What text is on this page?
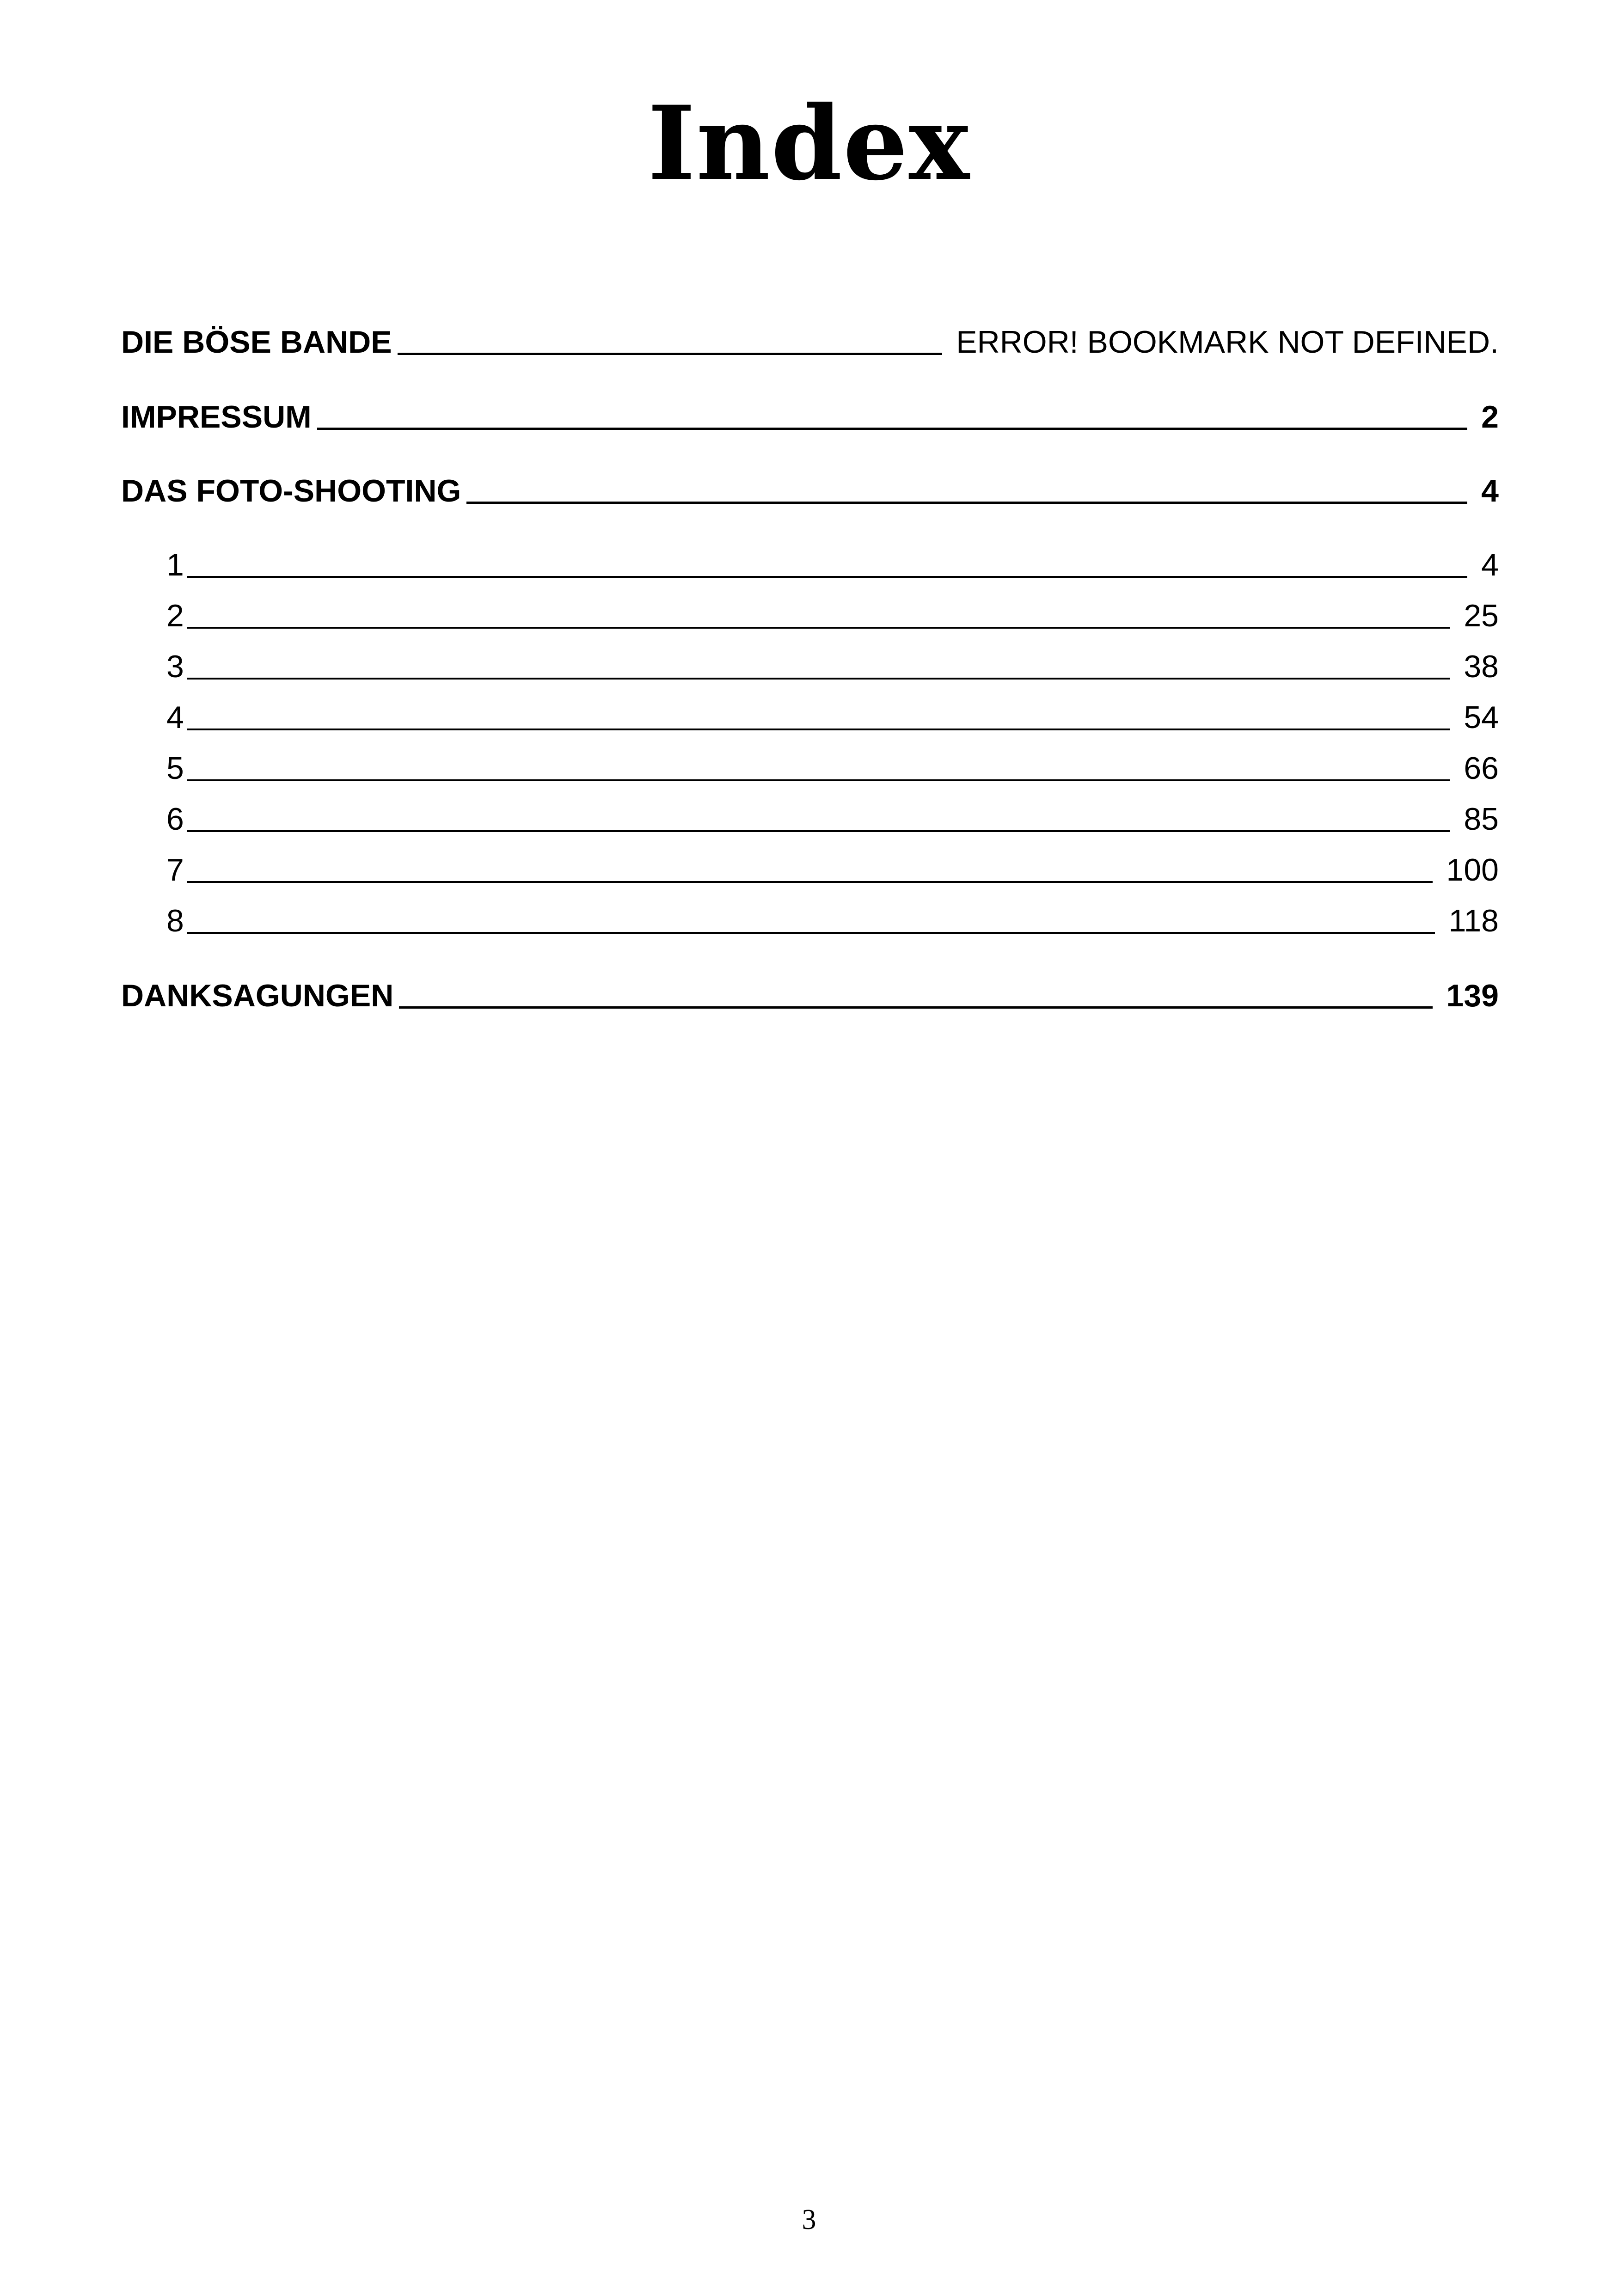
Index
DIE BÖSE BANDE	ERROR! BOOKMARK NOT DEFINED.
IMPRESSUM	2
DAS FOTO-SHOOTING	4
1	4
2	25
3	38
4	54
5	66
6	85
7	100
8	118
DANKSAGUNGEN	139
3
